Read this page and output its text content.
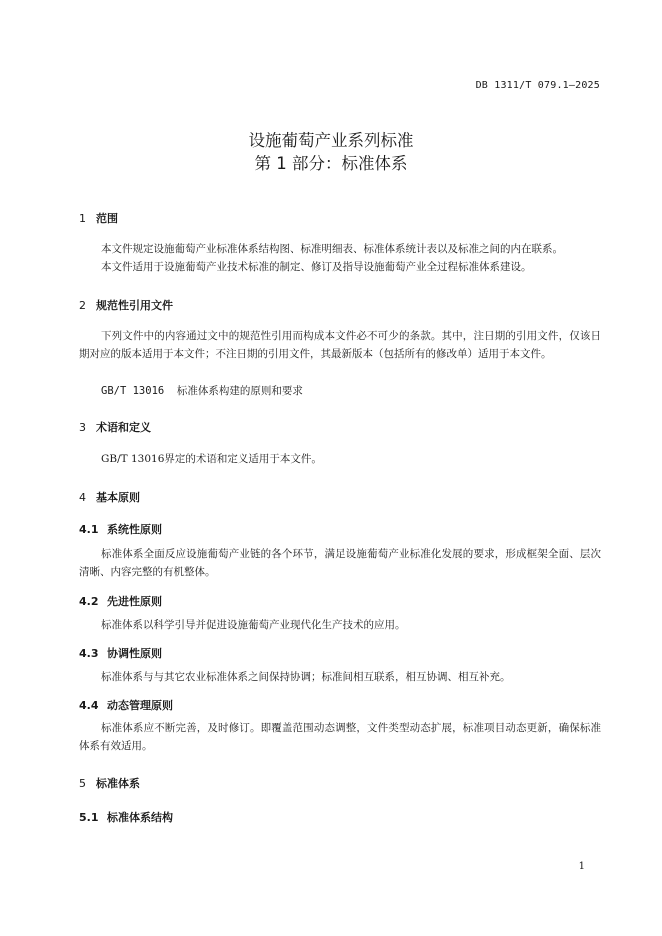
DB 1311/T 079.1—2025
设施葡萄产业系列标准
第 1 部分：标准体系
1 范围

本文件规定设施葡萄产业标准体系结构图、标准明细表、标准体系统计表以及标准之间的内在联系。

本文件适用于设施葡萄产业技术标准的制定、修订及指导设施葡萄产业全过程标准体系建设。

2 规范性引用文件

下列文件中的内容通过文中的规范性引用而构成本文件必不可少的条款。其中，注日期的引用文件，仅该日期对应的版本适用于本文件；不注日期的引用文件，其最新版本（包括所有的修改单）适用于本文件。

GB/T 13016 标准体系构建的原则和要求
3 术语和定义

GB/T 13016界定的术语和定义适用于本文件。

4 基本原则
4.1 系统性原则

标准体系全面反应设施葡萄产业链的各个环节，满足设施葡萄产业标准化发展的要求，形成框架全面、层次清晰、内容完整的有机整体。

4.2 先进性原则

标准体系以科学引导并促进设施葡萄产业现代化生产技术的应用。

4.3 协调性原则

标准体系与与其它农业标准体系之间保持协调；标准间相互联系，相互协调、相互补充。

4.4 动态管理原则

标准体系应不断完善，及时修订。即覆盖范围动态调整，文件类型动态扩展，标准项目动态更新，确保标准体系有效适用。

5 标准体系
5.1 标准体系结构
1
